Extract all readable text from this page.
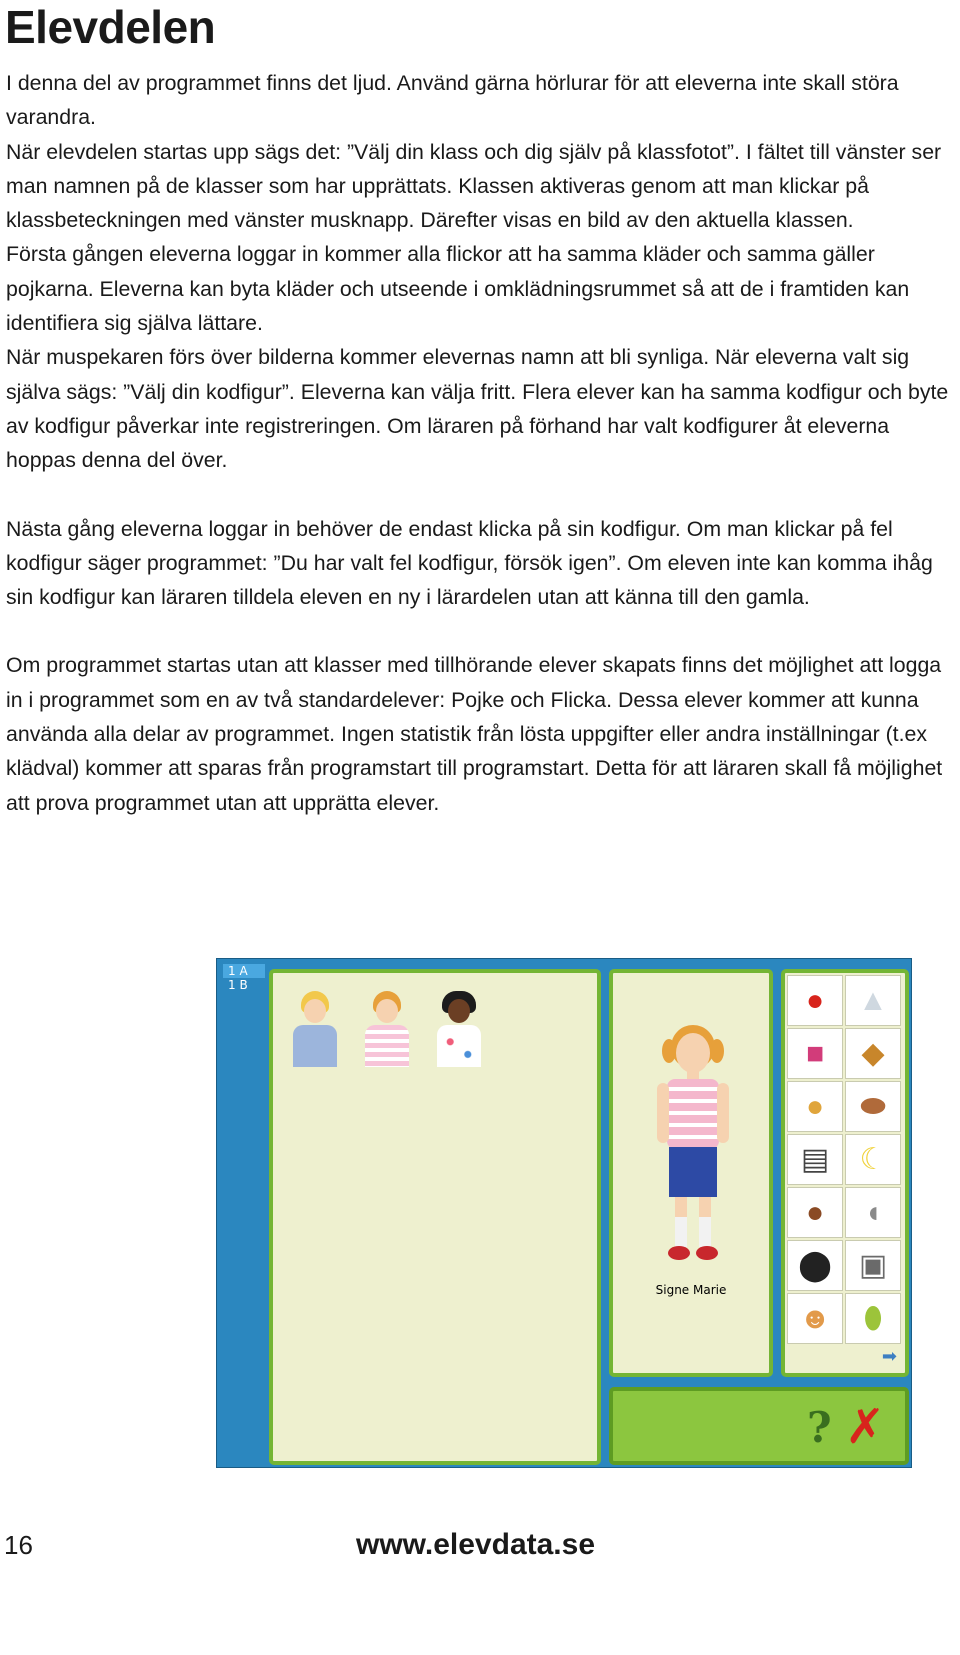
Elevdelen

I denna del av programmet finns det ljud. Använd gärna hörlurar för att eleverna inte skall störa varandra.

När elevdelen startas upp sägs det: ”Välj din klass och dig själv på klassfotot”. I fältet till vänster ser man namnen på de klasser som har upprättats. Klassen aktiveras genom att man klickar på klassbeteckningen med vänster musknapp. Därefter visas en bild av den aktuella klassen.

Första gången eleverna loggar in kommer alla flickor att ha samma kläder och samma gäller pojkarna. Eleverna kan byta kläder och utseende i omklädningsrummet så att de i framtiden kan identifiera sig själva lättare.

När muspekaren förs över bilderna kommer elevernas namn att bli synliga. När eleverna valt sig själva sägs: ”Välj din kodfigur”. Eleverna kan välja fritt. Flera elever kan ha samma kodfigur och byte av kodfigur påverkar inte registreringen. Om läraren på förhand har valt kodfigurer åt eleverna hoppas denna del över.

Nästa gång eleverna loggar in behöver de endast klicka på sin kodfigur. Om man klickar på fel kodfigur säger programmet: ”Du har valt fel kodfigur, försök igen”. Om eleven inte kan komma ihåg sin kodfigur kan läraren tilldela eleven en ny i lärardelen utan att känna till den gamla.

Om programmet startas utan att klasser med tillhörande elever skapats finns det möjlighet att logga in i programmet som en av två standardelever: Pojke och Flicka. Dessa elever kommer att kunna använda alla delar av programmet. Ingen statistik från lösta uppgifter eller andra inställningar (t.ex klädval) kommer att sparas från programstart till programstart. Detta för att läraren skall få möjlighet att prova programmet utan att upprätta elever.

1 A
1 B
Signe Marie
● ▲
■ ◆
● ⬬
▤ ☾
● ◖
⬤ ▣
☻ ⬮
➡
? ✗
16	www.elevdata.se
